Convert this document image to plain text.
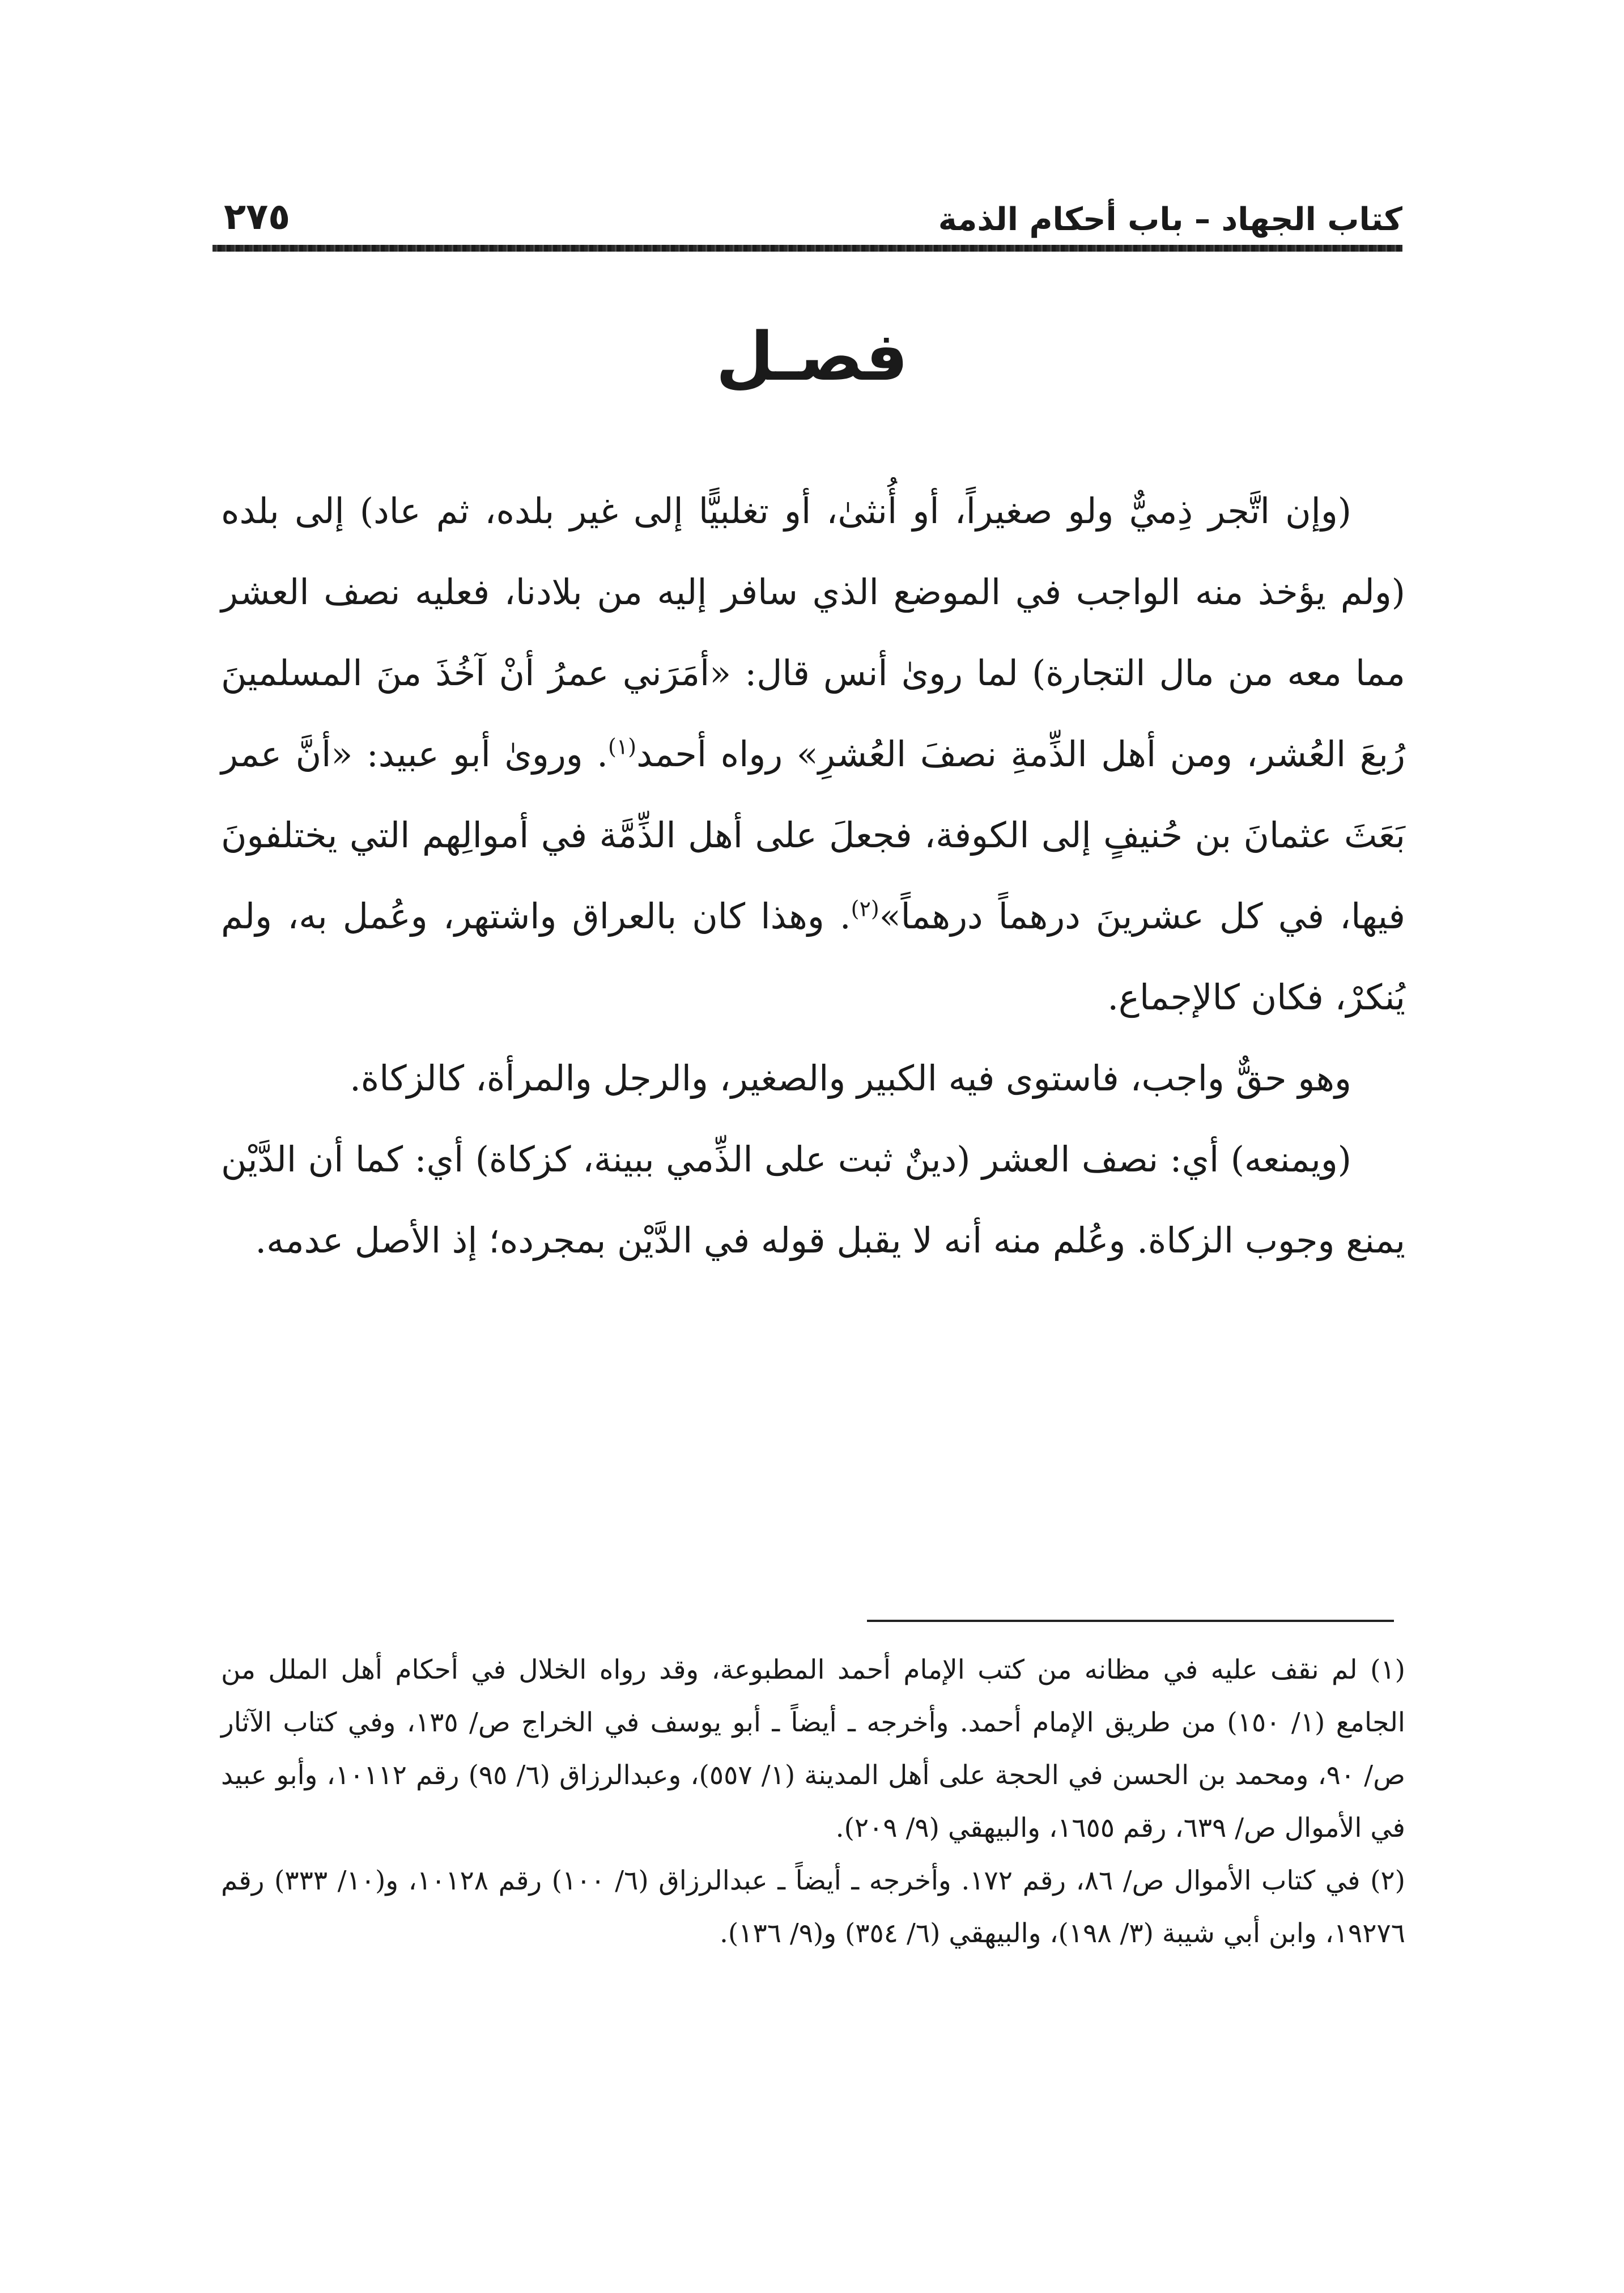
كتاب الجهاد – باب أحكام الذمة
٢٧٥
فصـل

(وإن اتَّجر ذِميٌّ ولو صغيراً، أو أُنثىٰ، أو تغلبيًّا إلى غير بلده، ثم عاد) إلى بلده (ولم يؤخذ منه الواجب في الموضع الذي سافر إليه من بلادنا، فعليه نصف العشر مما معه من مال التجارة) لما روىٰ أنس قال: «أمَرَني عمرُ أنْ آخُذَ منَ المسلمينَ رُبعَ العُشر، ومن أهل الذِّمةِ نصفَ العُشرِ» رواه أحمد$^{(١)}$. وروىٰ أبو عبيد: «أنَّ عمر بَعَثَ عثمانَ بن حُنيفٍ إلى الكوفة، فجعلَ على أهل الذِّمَّة في أموالِهم التي يختلفونَ فيها، في كل عشرينَ درهماً درهماً»$^{(٢)}$. وهذا كان بالعراق واشتهر، وعُمل به، ولم يُنكرْ، فكان كالإجماع.

وهو حقٌّ واجب، فاستوى فيه الكبير والصغير، والرجل والمرأة، كالزكاة.

(ويمنعه) أي: نصف العشر (دينٌ ثبت على الذِّمي ببينة، كزكاة) أي: كما أن الدَّيْن يمنع وجوب الزكاة. وعُلم منه أنه لا يقبل قوله في الدَّيْن بمجرده؛ إذ الأصل عدمه.

(١) لم نقف عليه في مظانه من كتب الإمام أحمد المطبوعة، وقد رواه الخلال في أحكام أهل الملل من الجامع (١/ ١٥٠) من طريق الإمام أحمد. وأخرجه ـ أيضاً ـ أبو يوسف في الخراج ص/ ١٣٥، وفي كتاب الآثار ص/ ٩٠، ومحمد بن الحسن في الحجة على أهل المدينة (١/ ٥٥٧)، وعبدالرزاق (٦/ ٩٥) رقم ١٠١١٢، وأبو عبيد في الأموال ص/ ٦٣٩، رقم ١٦٥٥، والبيهقي (٩/ ٢٠٩).

(٢) في كتاب الأموال ص/ ٨٦، رقم ١٧٢. وأخرجه ـ أيضاً ـ عبدالرزاق (٦/ ١٠٠) رقم ١٠١٢٨، و(١٠/ ٣٣٣) رقم ١٩٢٧٦، وابن أبي شيبة (٣/ ١٩٨)، والبيهقي (٦/ ٣٥٤) و(٩/ ١٣٦).
